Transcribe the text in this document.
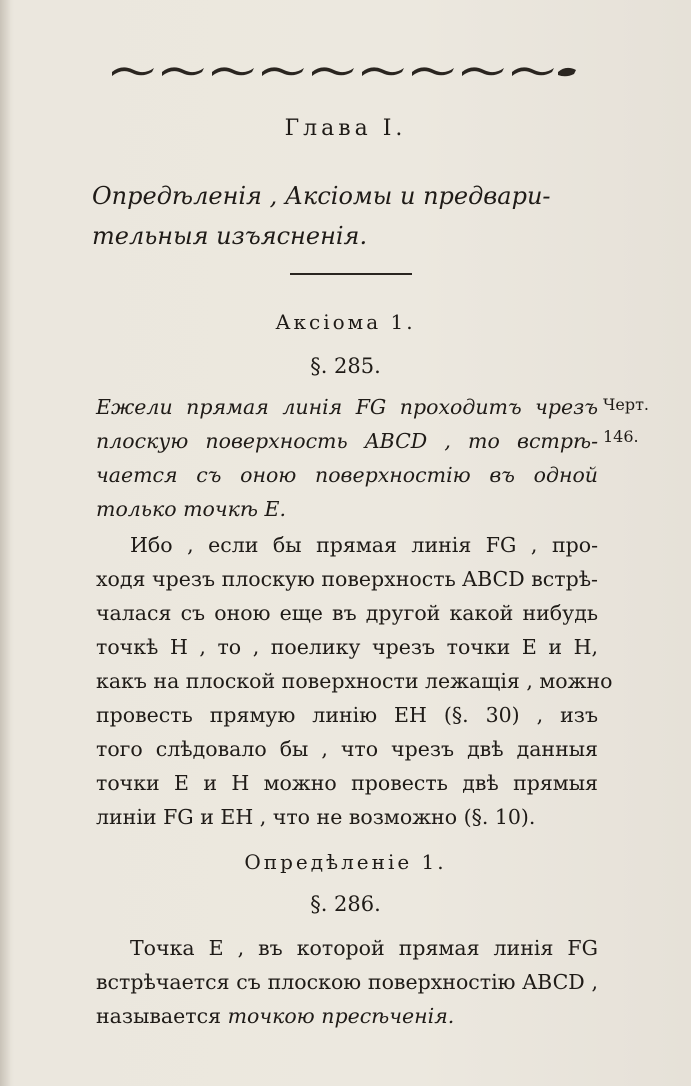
Глава I.
Опредѣленія , Аксіомы и предвари-
тельныя изъясненія.
Аксіома 1.
§. 285.
Ежели прямая линія FG проходитъ чрезъ
плоскую поверхность ABCD , то встрѣ-
чается съ оною поверхностію въ одной
только точкѣ E.
Черт.
146.
Ибо , если бы прямая линія FG , про-
ходя чрезъ плоскую поверхность ABCD встрѣ-
чалася съ оною еще въ другой какой нибудь
точкѣ H , то , поелику чрезъ точки E и H,
какъ на плоской поверхности лежащія , можно
провесть прямую линію EH (§. 30) , изъ
того слѣдовало бы , что чрезъ двѣ данныя
точки E и H можно провесть двѣ прямыя
линіи FG и EH , что не возможно (§. 10).
Опредѣленіе 1.
§. 286.
Точка E , въ которой прямая линія FG
встрѣчается съ плоскою поверхностію ABCD ,
называется точкою пресѣченія.
